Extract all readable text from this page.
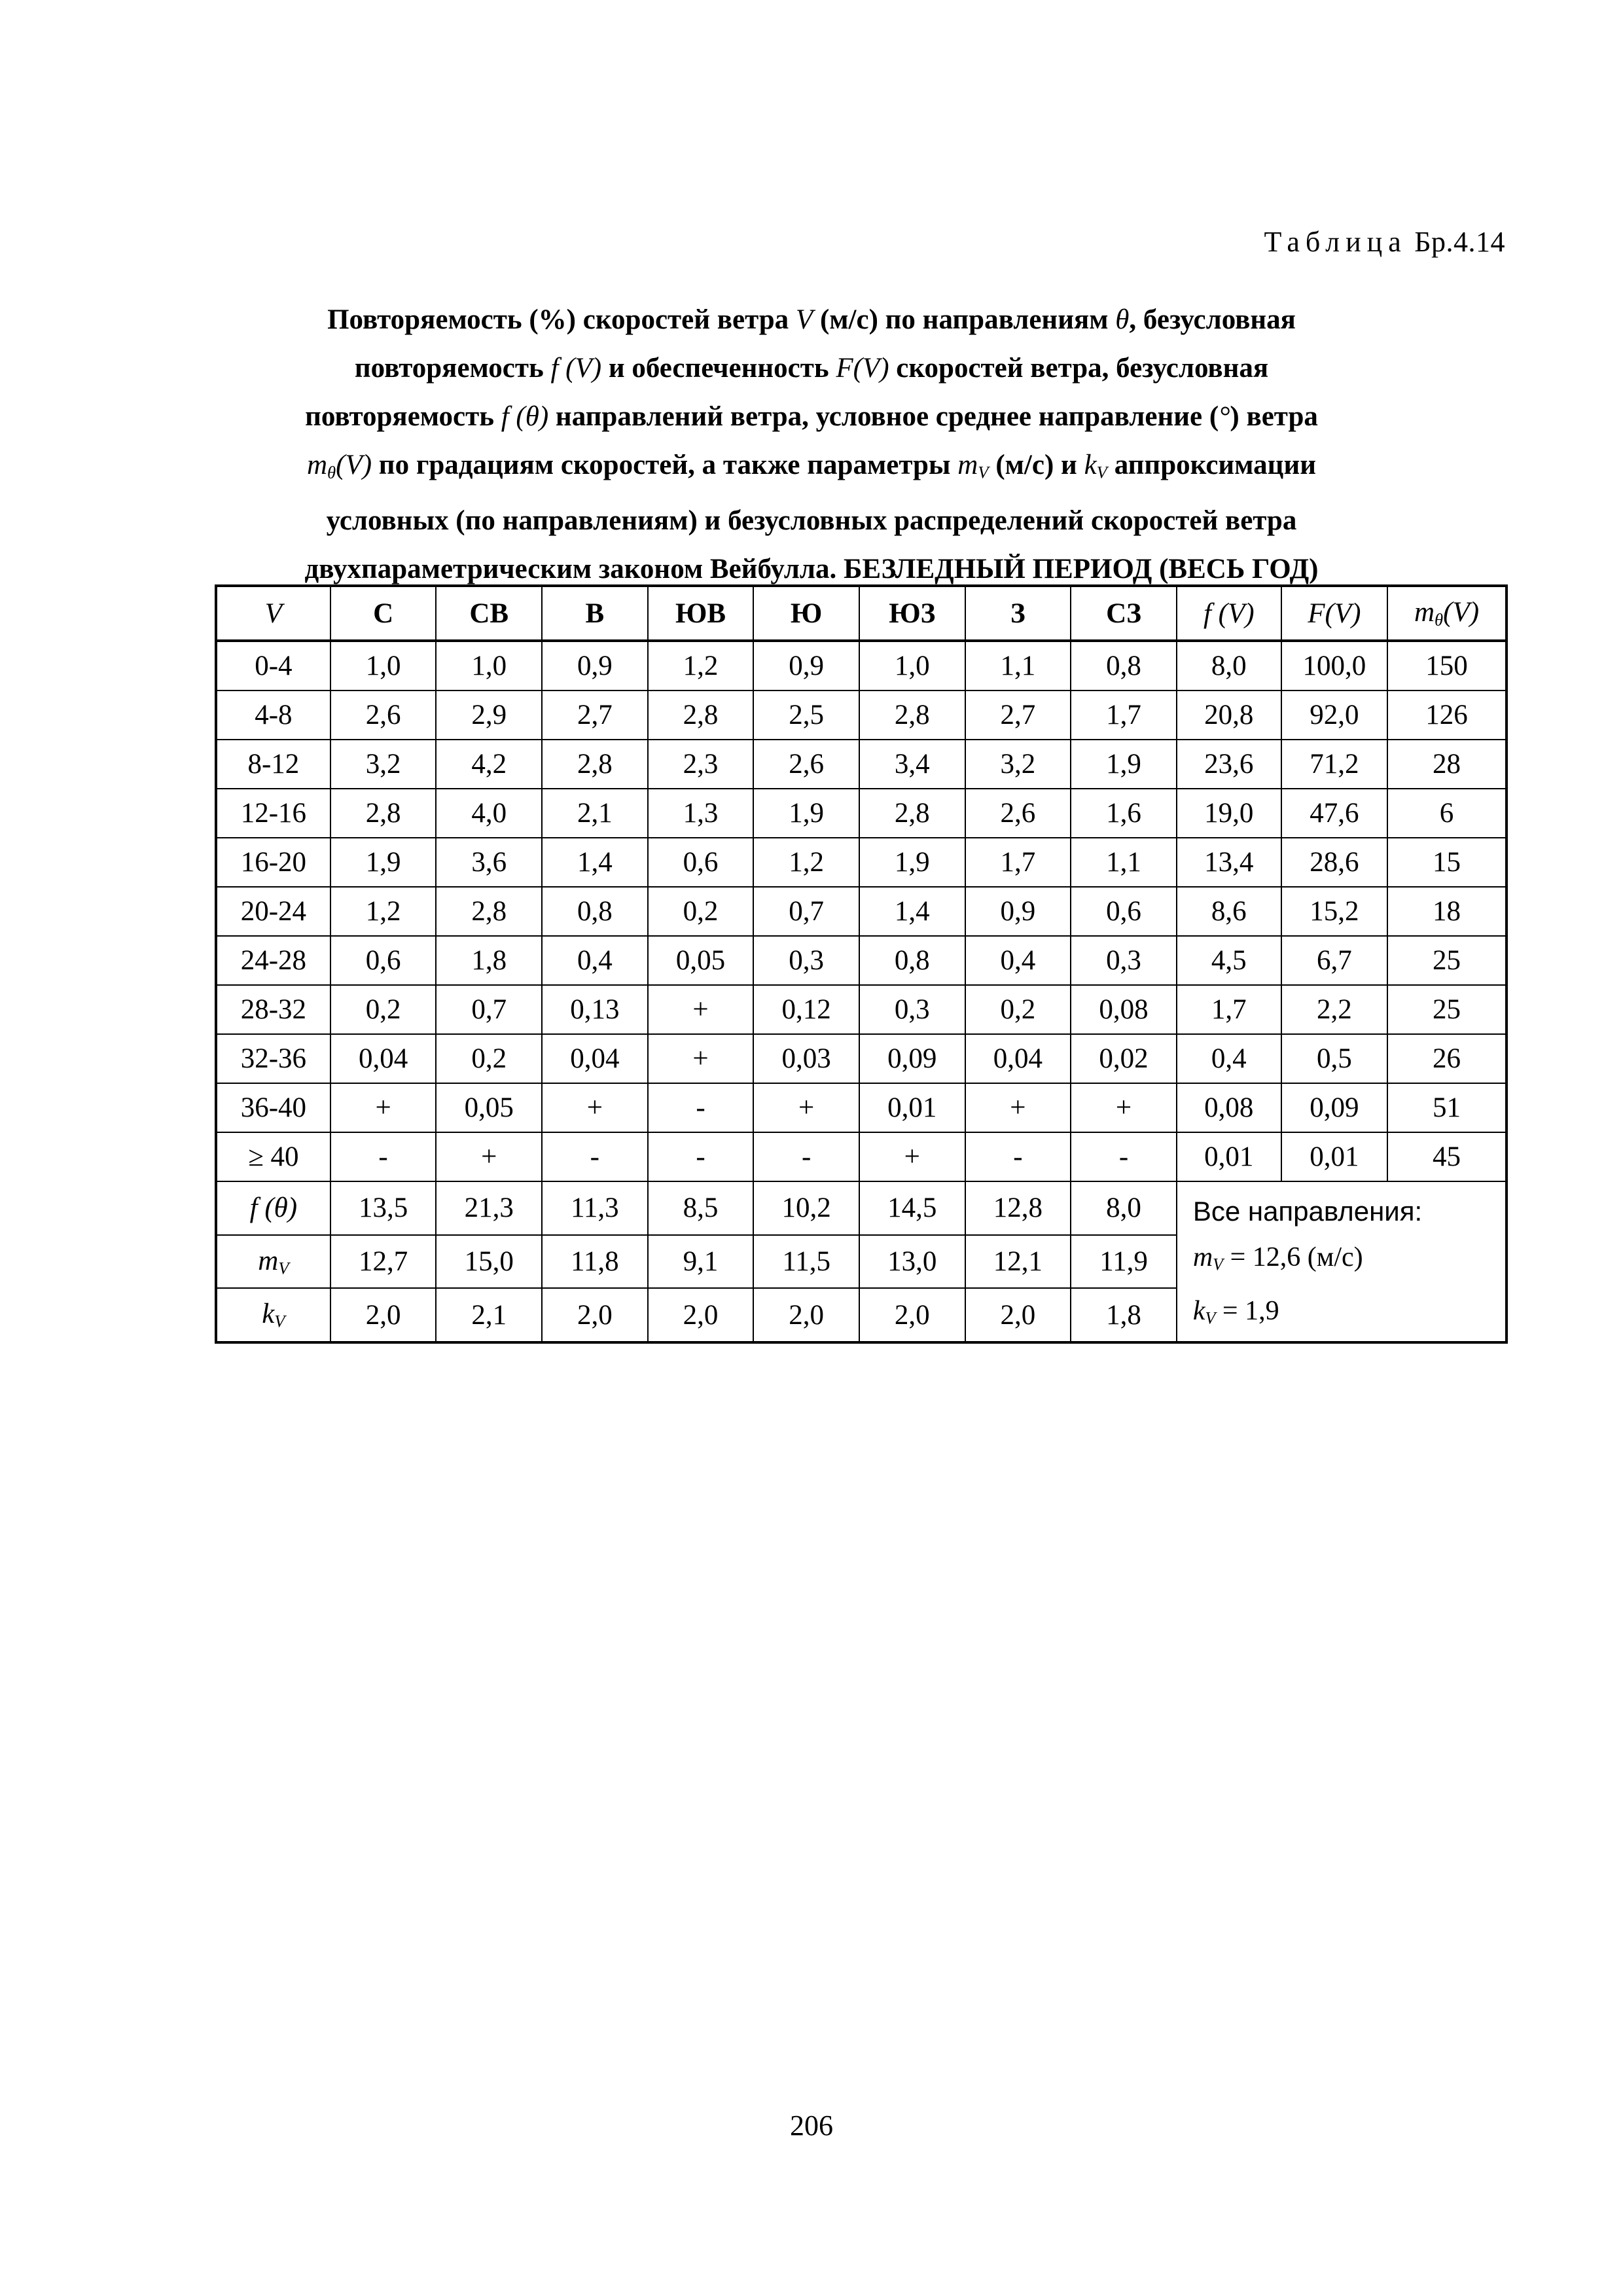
Таблица Бр.4.14
Повторяемость (%) скоростей ветра V (м/с) по направлениям θ, безусловная
повторяемость f (V) и обеспеченность F(V) скоростей ветра, безусловная
повторяемость f (θ) направлений ветра, условное среднее направление (°) ветра
$m_\theta(V)$ по градациям скоростей, а также параметры $m_V$ (м/с) и $k_V$ аппроксимации
условных (по направлениям) и безусловных распределений скоростей ветра
двухпараметрическим законом Вейбулла. БЕЗЛЕДНЫЙ ПЕРИОД (ВЕСЬ ГОД)
V	С	СВ	В	ЮВ	Ю	ЮЗ	З	СЗ	f (V)	F(V)	$m_\theta(V)$
0-4	1,0	1,0	0,9	1,2	0,9	1,0	1,1	0,8	8,0	100,0	150
4-8	2,6	2,9	2,7	2,8	2,5	2,8	2,7	1,7	20,8	92,0	126
8-12	3,2	4,2	2,8	2,3	2,6	3,4	3,2	1,9	23,6	71,2	28
12-16	2,8	4,0	2,1	1,3	1,9	2,8	2,6	1,6	19,0	47,6	6
16-20	1,9	3,6	1,4	0,6	1,2	1,9	1,7	1,1	13,4	28,6	15
20-24	1,2	2,8	0,8	0,2	0,7	1,4	0,9	0,6	8,6	15,2	18
24-28	0,6	1,8	0,4	0,05	0,3	0,8	0,4	0,3	4,5	6,7	25
28-32	0,2	0,7	0,13	+	0,12	0,3	0,2	0,08	1,7	2,2	25
32-36	0,04	0,2	0,04	+	0,03	0,09	0,04	0,02	0,4	0,5	26
36-40	+	0,05	+	-	+	0,01	+	+	0,08	0,09	51
≥ 40	-	+	-	-	-	+	-	-	0,01	0,01	45
f (θ)	13,5	21,3	11,3	8,5	10,2	14,5	12,8	8,0	Все направления:
$m_V = 12,6$ (м/с)
$k_V = 1,9$		

$m_V$	12,7	15,0	11,8	9,1	11,5	13,0	12,1	11,9			
$k_V$	2,0	2,1	2,0	2,0	2,0	2,0	2,0	1,8			
206
